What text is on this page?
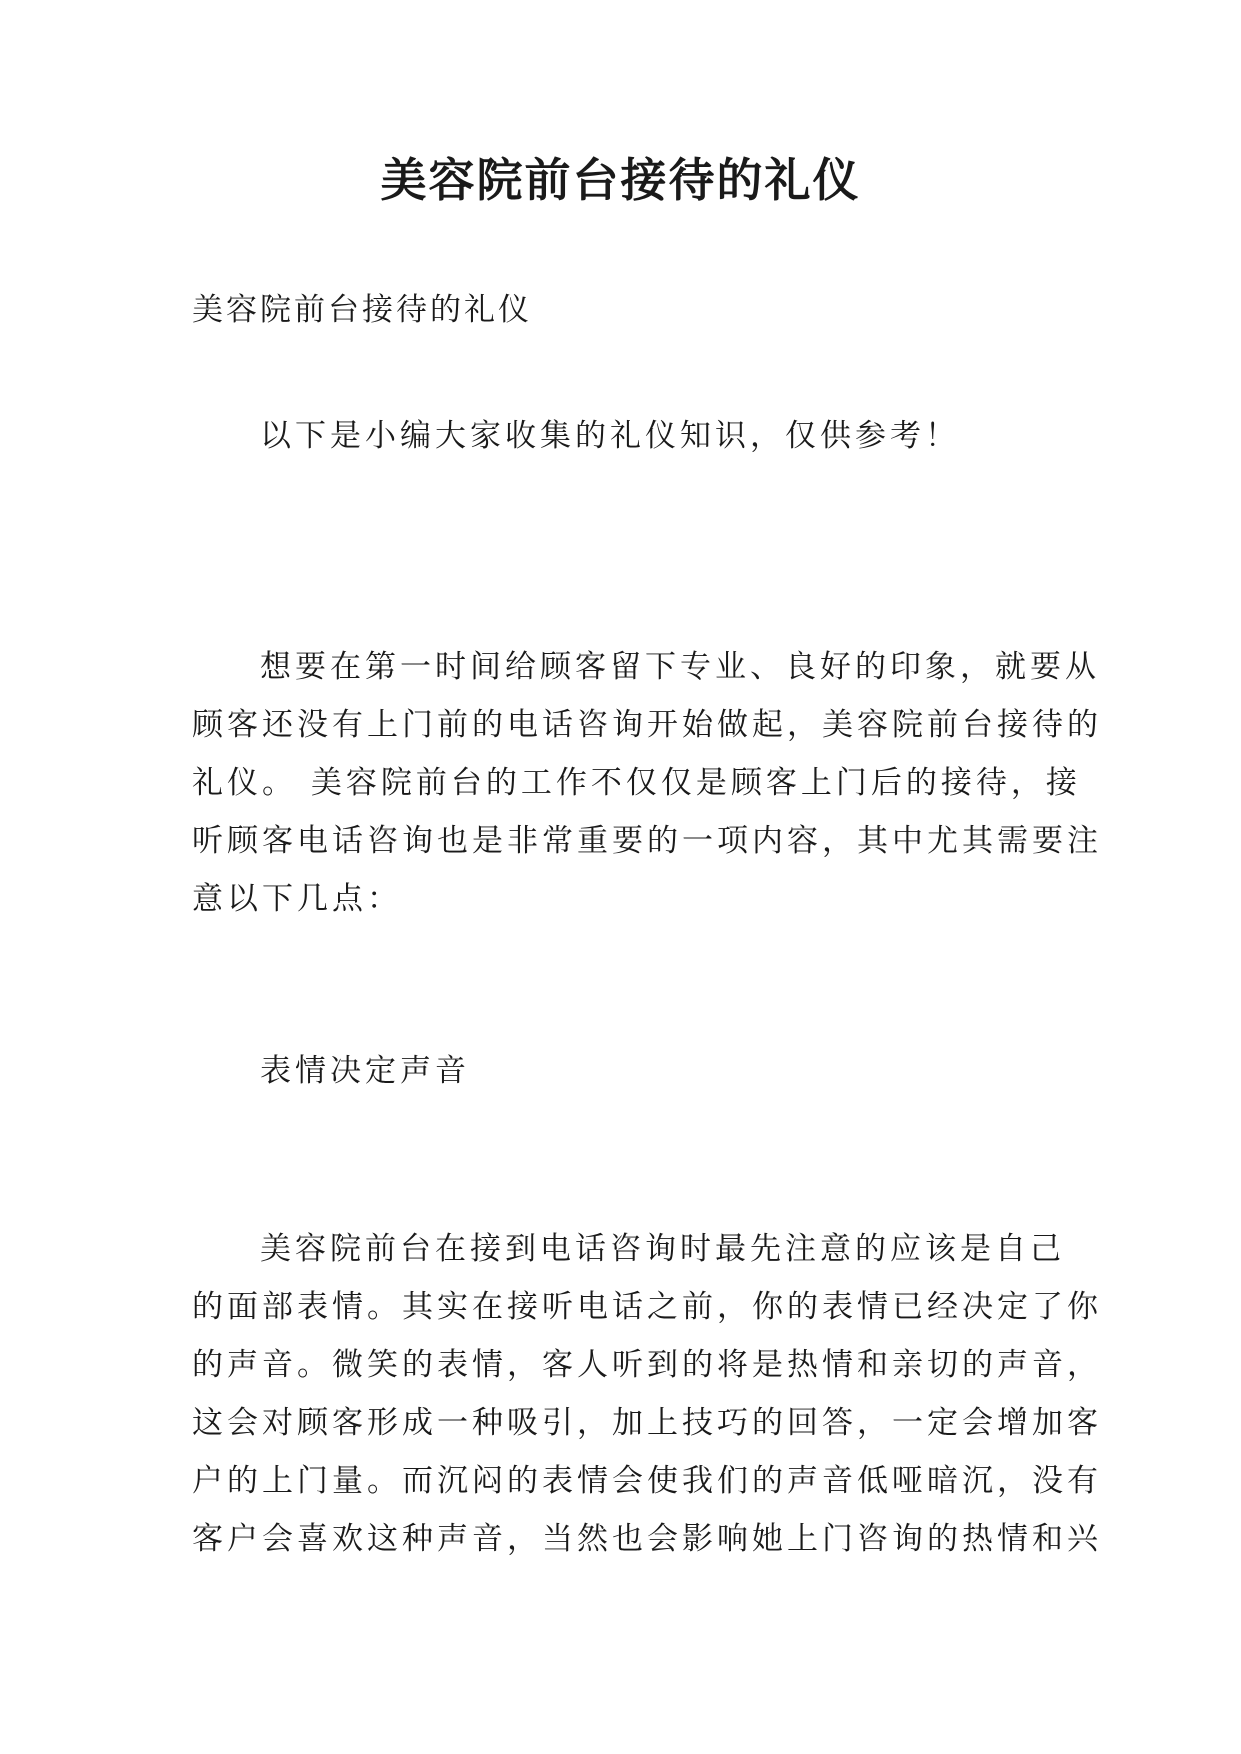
美容院前台接待的礼仪
美容院前台接待的礼仪
以下是小编大家收集的礼仪知识，仅供参考！
想要在第一时间给顾客留下专业、良好的印象，就要从
顾客还没有上门前的电话咨询开始做起，美容院前台接待的
礼仪。 美容院前台的工作不仅仅是顾客上门后的接待，接
听顾客电话咨询也是非常重要的一项内容，其中尤其需要注
意以下几点：
表情决定声音
美容院前台在接到电话咨询时最先注意的应该是自己
的面部表情。其实在接听电话之前，你的表情已经决定了你
的声音。微笑的表情，客人听到的将是热情和亲切的声音，
这会对顾客形成一种吸引，加上技巧的回答，一定会增加客
户的上门量。而沉闷的表情会使我们的声音低哑暗沉，没有
客户会喜欢这种声音，当然也会影响她上门咨询的热情和兴
